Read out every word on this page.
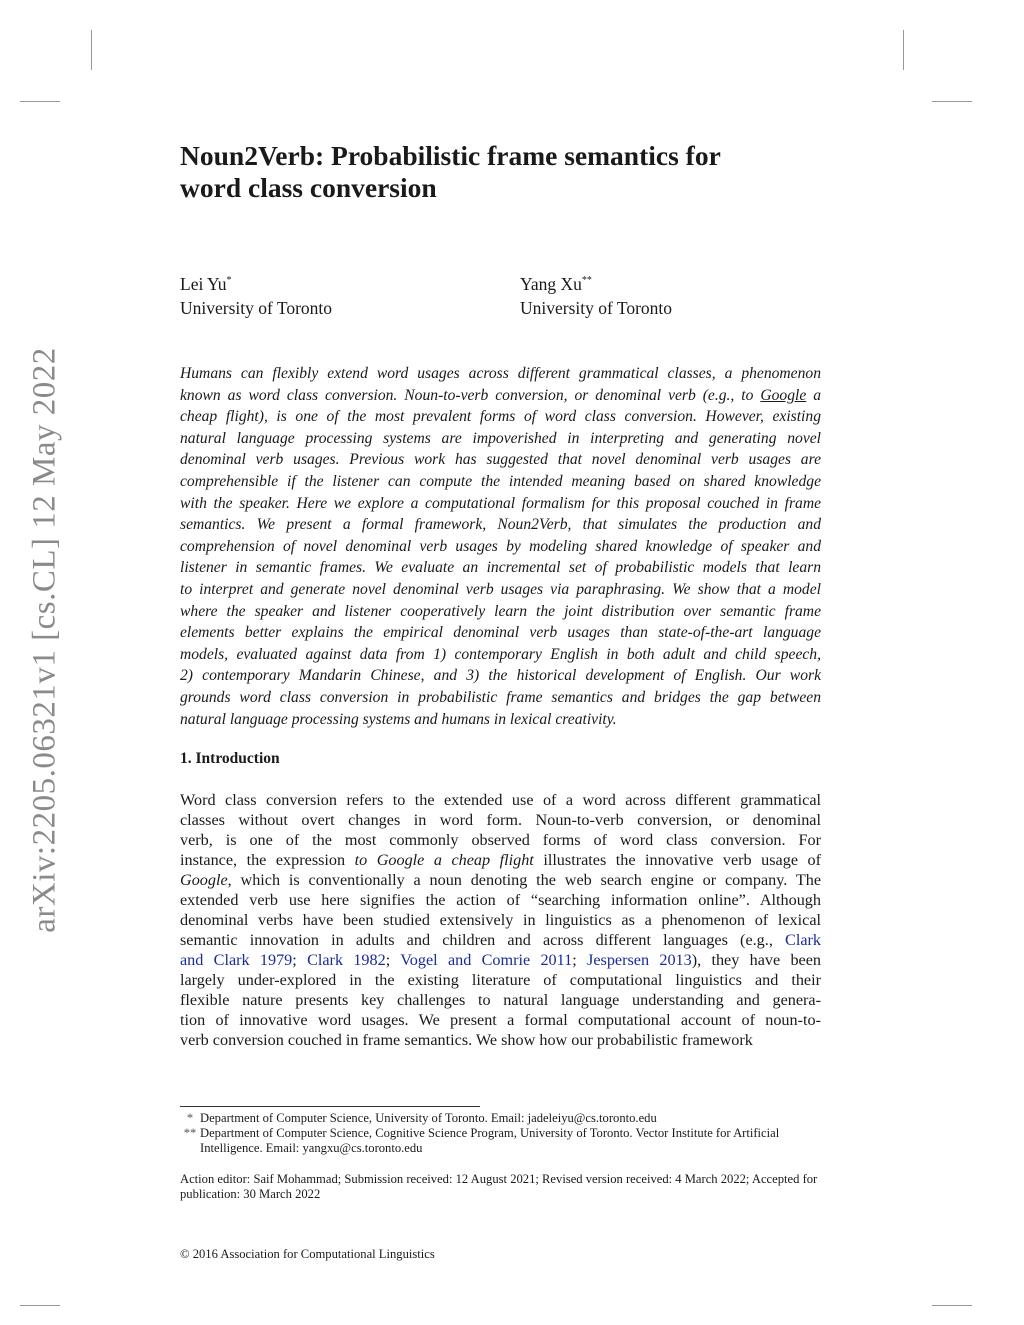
arXiv:2205.06321v1 [cs.CL] 12 May 2022
Noun2Verb: Probabilistic frame semantics for
word class conversion
Lei Yu*
University of Toronto
Yang Xu**
University of Toronto
Humans can flexibly extend word usages across different grammatical classes, a phenomenon
known as word class conversion. Noun-to-verb conversion, or denominal verb (e.g., to Google a
cheap flight), is one of the most prevalent forms of word class conversion. However, existing
natural language processing systems are impoverished in interpreting and generating novel
denominal verb usages. Previous work has suggested that novel denominal verb usages are
comprehensible if the listener can compute the intended meaning based on shared knowledge
with the speaker. Here we explore a computational formalism for this proposal couched in frame
semantics. We present a formal framework, Noun2Verb, that simulates the production and
comprehension of novel denominal verb usages by modeling shared knowledge of speaker and
listener in semantic frames. We evaluate an incremental set of probabilistic models that learn
to interpret and generate novel denominal verb usages via paraphrasing. We show that a model
where the speaker and listener cooperatively learn the joint distribution over semantic frame
elements better explains the empirical denominal verb usages than state-of-the-art language
models, evaluated against data from 1) contemporary English in both adult and child speech,
2) contemporary Mandarin Chinese, and 3) the historical development of English. Our work
grounds word class conversion in probabilistic frame semantics and bridges the gap between
natural language processing systems and humans in lexical creativity.
1. Introduction
Word class conversion refers to the extended use of a word across different grammatical
classes without overt changes in word form. Noun-to-verb conversion, or denominal
verb, is one of the most commonly observed forms of word class conversion. For
instance, the expression to Google a cheap flight illustrates the innovative verb usage of
Google, which is conventionally a noun denoting the web search engine or company. The
extended verb use here signifies the action of “searching information online”. Although
denominal verbs have been studied extensively in linguistics as a phenomenon of lexical
semantic innovation in adults and children and across different languages (e.g., Clark
and Clark 1979; Clark 1982; Vogel and Comrie 2011; Jespersen 2013), they have been
largely under-explored in the existing literature of computational linguistics and their
flexible nature presents key challenges to natural language understanding and genera-
tion of innovative word usages. We present a formal computational account of noun-to-
verb conversion couched in frame semantics. We show how our probabilistic framework
* Department of Computer Science, University of Toronto. Email: jadeleiyu@cs.toronto.edu
** Department of Computer Science, Cognitive Science Program, University of Toronto. Vector Institute for Artificial Intelligence. Email: yangxu@cs.toronto.edu
Action editor: Saif Mohammad; Submission received: 12 August 2021; Revised version received: 4 March 2022; Accepted for publication: 30 March 2022
© 2016 Association for Computational Linguistics
